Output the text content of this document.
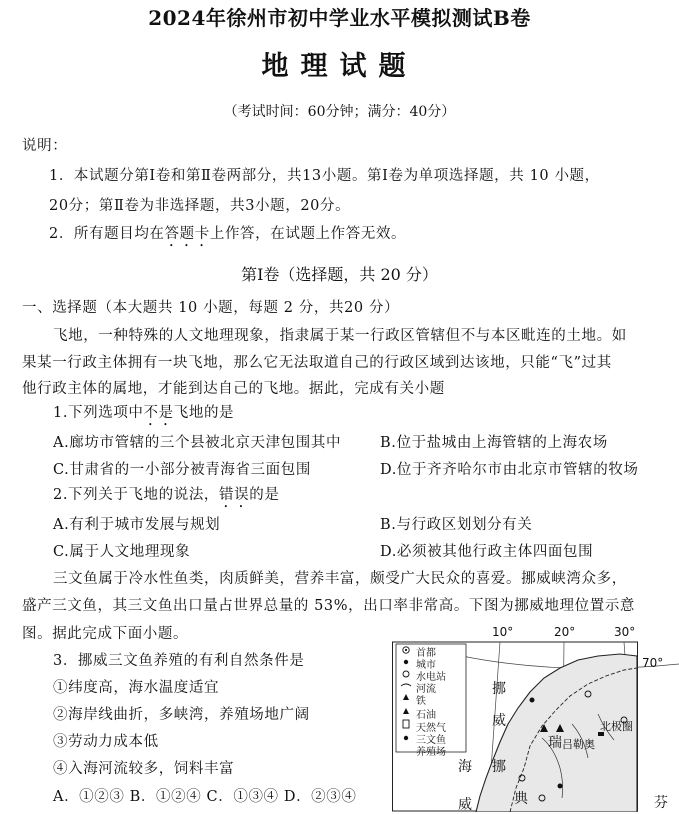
2024年徐州市初中学业水平模拟测试B卷
地理试题
（考试时间：60分钟；满分：40分）
说明：
1．本试题分第Ⅰ卷和第Ⅱ卷两部分，共13小题。第Ⅰ卷为单项选择题，共 10 小题，
20分；第Ⅱ卷为非选择题，共3小题，20分。
2．所有题目均在答题卡上作答，在试题上作答无效。
第Ⅰ卷（选择题，共 20 分）
一、选择题（本大题共 10 小题，每题 2 分，共20 分）
飞地，一种特殊的人文地理现象，指隶属于某一行政区管辖但不与本区毗连的土地。如
果某一行政主体拥有一块飞地，那么它无法取道自己的行政区域到达该地，只能“飞”过其
他行政主体的属地，才能到达自己的飞地。据此，完成有关小题
1.下列选项中不是飞地的是
A.廊坊市管辖的三个县被北京天津包围其中	B.位于盐城由上海管辖的上海农场
C.甘肃省的一小部分被青海省三面包围	D.位于齐齐哈尔市由北京市管辖的牧场
2.下列关于飞地的说法，错误的是
A.有利于城市发展与规划	B.与行政区划划分有关
C.属于人文地理现象	D.必须被其他行政主体四面包围
三文鱼属于冷水性鱼类，肉质鲜美，营养丰富，颇受广大民众的喜爱。挪威峡湾众多，
盛产三文鱼，其三文鱼出口量占世界总量的 53%，出口率非常高。下图为挪威地理位置示意
图。据此完成下面小题。
3．挪威三文鱼养殖的有利自然条件是
①纬度高，海水温度适宜
②海岸线曲折，多峡湾，养殖场地广阔
③劳动力成本低
④入海河流较多，饲料丰富
A．①②③ B．①②④ C．①③④ D．②③④
10°	20°	30°
70°
首都
城市
水电站
河流
铁
石油
天然气
三文鱼
养殖场
挪
威
海 挪
威	典
瑞
北极圈
吕勒奥
芬
